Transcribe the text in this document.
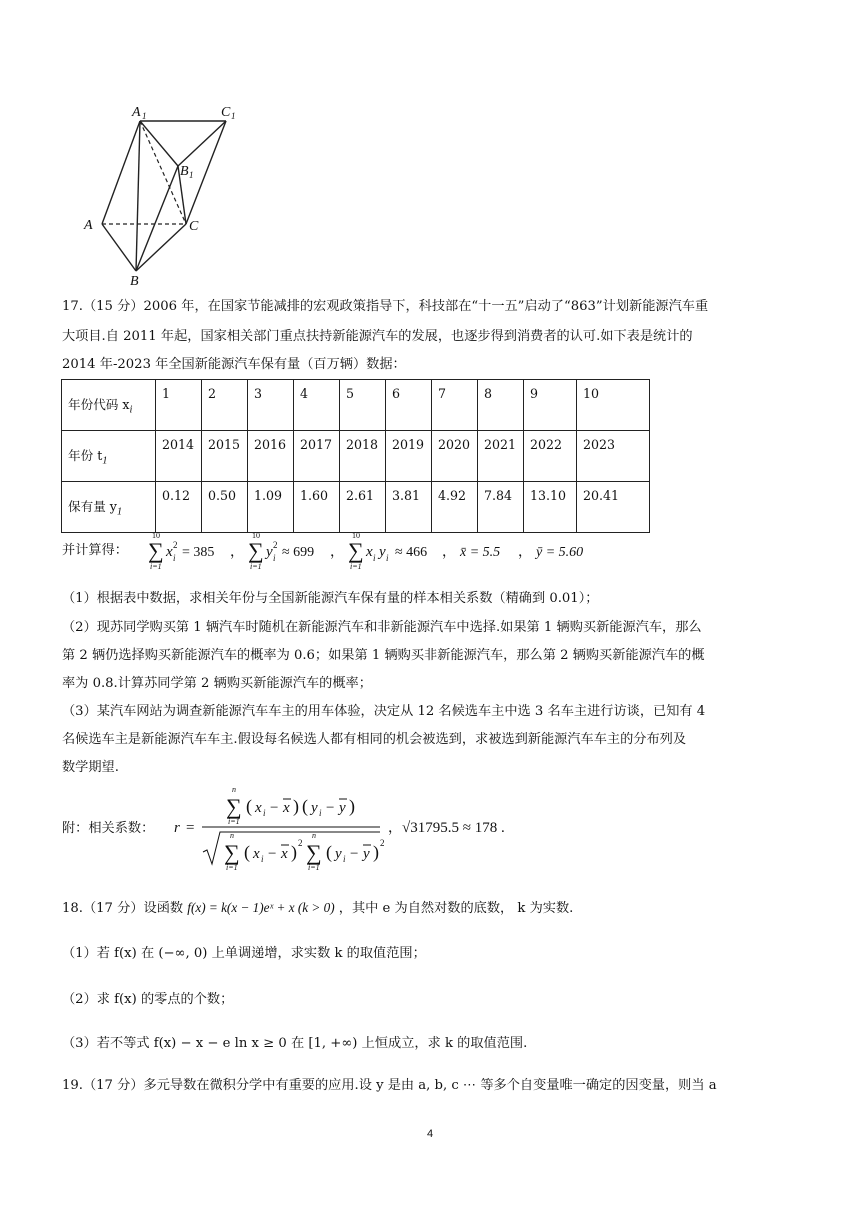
A 1	C 1
B 1
A	C
B
17.（15 分）2006 年，在国家节能减排的宏观政策指导下，科技部在“十一五”启动了“863”计划新能源汽车重
大项目.自 2011 年起，国家相关部门重点扶持新能源汽车的发展，也逐步得到消费者的认可.如下表是统计的
2014 年-2023 年全国新能源汽车保有量（百万辆）数据：
年份代码 $x_i$	1	2	3	4	5	6	7	8	9	10
年份 $t_1$	2014	2015	2016	2017	2018	2019	2020	2021	2022	2023
保有量 $y_1$	0.12	0.50	1.09	1.60	2.61	3.81	4.92	7.84	13.10	20.41
并计算得：
10
∑
i=1
x i
2 = 385 ，
10
∑
i=1
y i
2 ≈ 699 ，
10
∑
i=1
x i y i ≈ 466 ， x̄ = 5.5 ， ȳ = 5.60
（1）根据表中数据，求相关年份与全国新能源汽车保有量的样本相关系数（精确到 0.01）；
（2）现苏同学购买第 1 辆汽车时随机在新能源汽车和非新能源汽车中选择.如果第 1 辆购买新能源汽车，那么
第 2 辆仍选择购买新能源汽车的概率为 0.6；如果第 1 辆购买非新能源汽车，那么第 2 辆购买新能源汽车的概
率为 0.8.计算苏同学第 2 辆购买新能源汽车的概率；
（3）某汽车网站为调查新能源汽车车主的用车体验，决定从 12 名候选车主中选 3 名车主进行访谈，已知有 4
名候选车主是新能源汽车车主.假设每名候选人都有相同的机会被选到，求被选到新能源汽车车主的分布列及
数学期望.
附：相关系数： r =
n
∑
i=1
( x i − x ) ( y i − y )
n
∑
i=1
( x i − x ) 2
n
∑
i=1
( y i − y ) 2
， √31795.5 ≈ 178 .
18.（17 分）设函数 f(x) = k(x − 1)eˣ + x (k > 0) ，其中 e 为自然对数的底数， k 为实数.
（1）若 f(x) 在 (−∞, 0) 上单调递增，求实数 k 的取值范围；
（2）求 f(x) 的零点的个数；
（3）若不等式 f(x) − x − e ln x ≥ 0 在 [1, +∞) 上恒成立，求 k 的取值范围.
19.（17 分）多元导数在微积分学中有重要的应用.设 y 是由 a, b, c ⋯ 等多个自变量唯一确定的因变量，则当 a
4
